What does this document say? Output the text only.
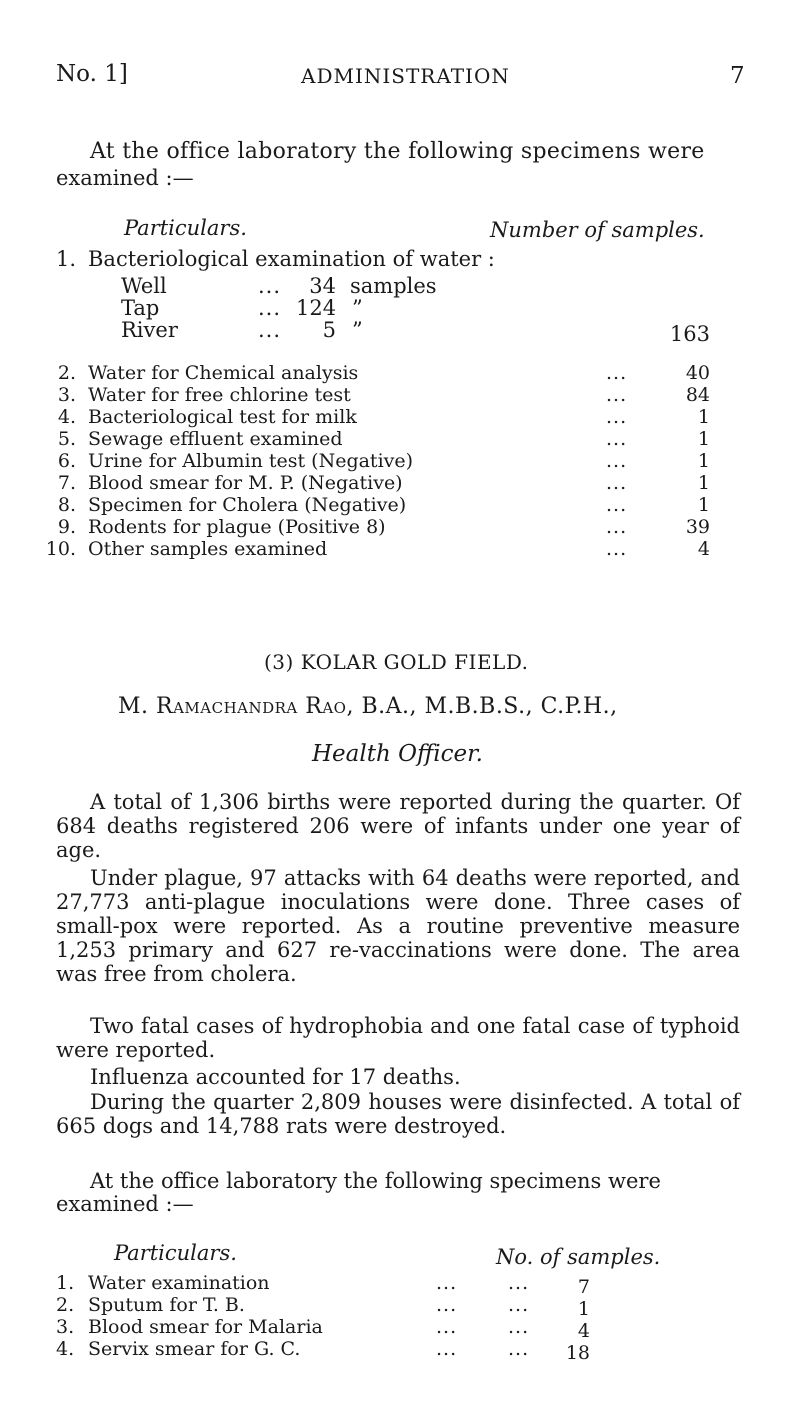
No. 1]	ADMINISTRATION	7
At the office laboratory the following specimens were
examined :—
Particulars.	Number of samples.
1. Bacteriological examination of water :
Well	...	34 samples
Tap	... 124 ”
River	...	5 ”	163
2. Water for Chemical analysis	...	40
3. Water for free chlorine test	...	84
4. Bacteriological test for milk	...	1
5. Sewage effluent examined	...	1
6. Urine for Albumin test (Negative)	...	1
7. Blood smear for M. P. (Negative)	...	1
8. Specimen for Cholera (Negative)	...	1
9. Rodents for plague (Positive 8)	...	39
10. Other samples examined	...	4
(3) KOLAR GOLD FIELD.
M. Ramachandra Rao, B.A., M.B.B.S., C.P.H.,
Health Officer.
A total of 1,306 births were reported during the quarter. Of 684 deaths registered 206 were of infants under one year of age.
Under plague, 97 attacks with 64 deaths were reported, and 27,773 anti-plague inoculations were done. Three cases of small-pox were reported. As a routine preventive measure 1,253 primary and 627 re-vaccinations were done. The area was free from cholera.
Two fatal cases of hydrophobia and one fatal case of typhoid were reported.
Influenza accounted for 17 deaths.
During the quarter 2,809 houses were disinfected. A total of 665 dogs and 14,788 rats were destroyed.
At the office laboratory the following specimens were
examined :—
Particulars.	No. of samples.
1. Water examination	...	...	7
2. Sputum for T. B.	...	...	1
3. Blood smear for Malaria	...	...	4
4. Servix smear for G. C.	...	...	18
